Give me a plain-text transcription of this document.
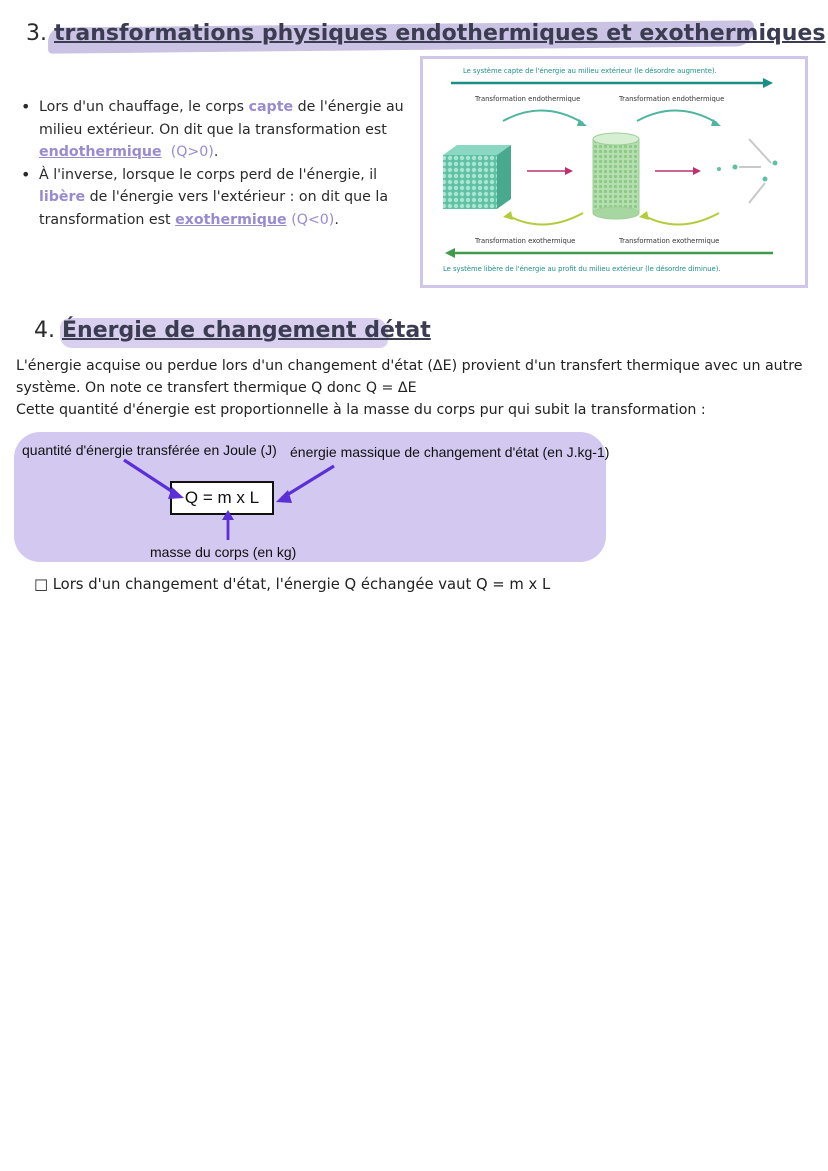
3. transformations physiques endothermiques et exothermiques
• Lors d'un chauffage, le corps capte de l'énergie au milieu extérieur. On dit que la transformation est endothermique (Q>0).
• À l'inverse, lorsque le corps perd de l'énergie, il libère de l'énergie vers l'extérieur : on dit que la transformation est exothermique (Q<0).
Le système capte de l'énergie au milieu extérieur (le désordre augmente).
Transformation endothermique	Transformation endothermique
Transformation exothermique	Transformation exothermique
Le système libère de l'énergie au profit du milieu extérieur (le désordre diminue).
4. Énergie de changement détat

L'énergie acquise ou perdue lors d'un changement d'état (ΔE) provient d'un transfert thermique avec un autre

système. On note ce transfert thermique Q donc Q = ΔE

Cette quantité d'énergie est proportionnelle à la masse du corps pur qui subit la transformation :

quantité d'énergie transférée en Joule (J) énergie massique de changement d'état (en J.kg-1)
Q = m x L
masse du corps (en kg)
□ Lors d'un changement d'état, l'énergie Q échangée vaut Q = m x L
